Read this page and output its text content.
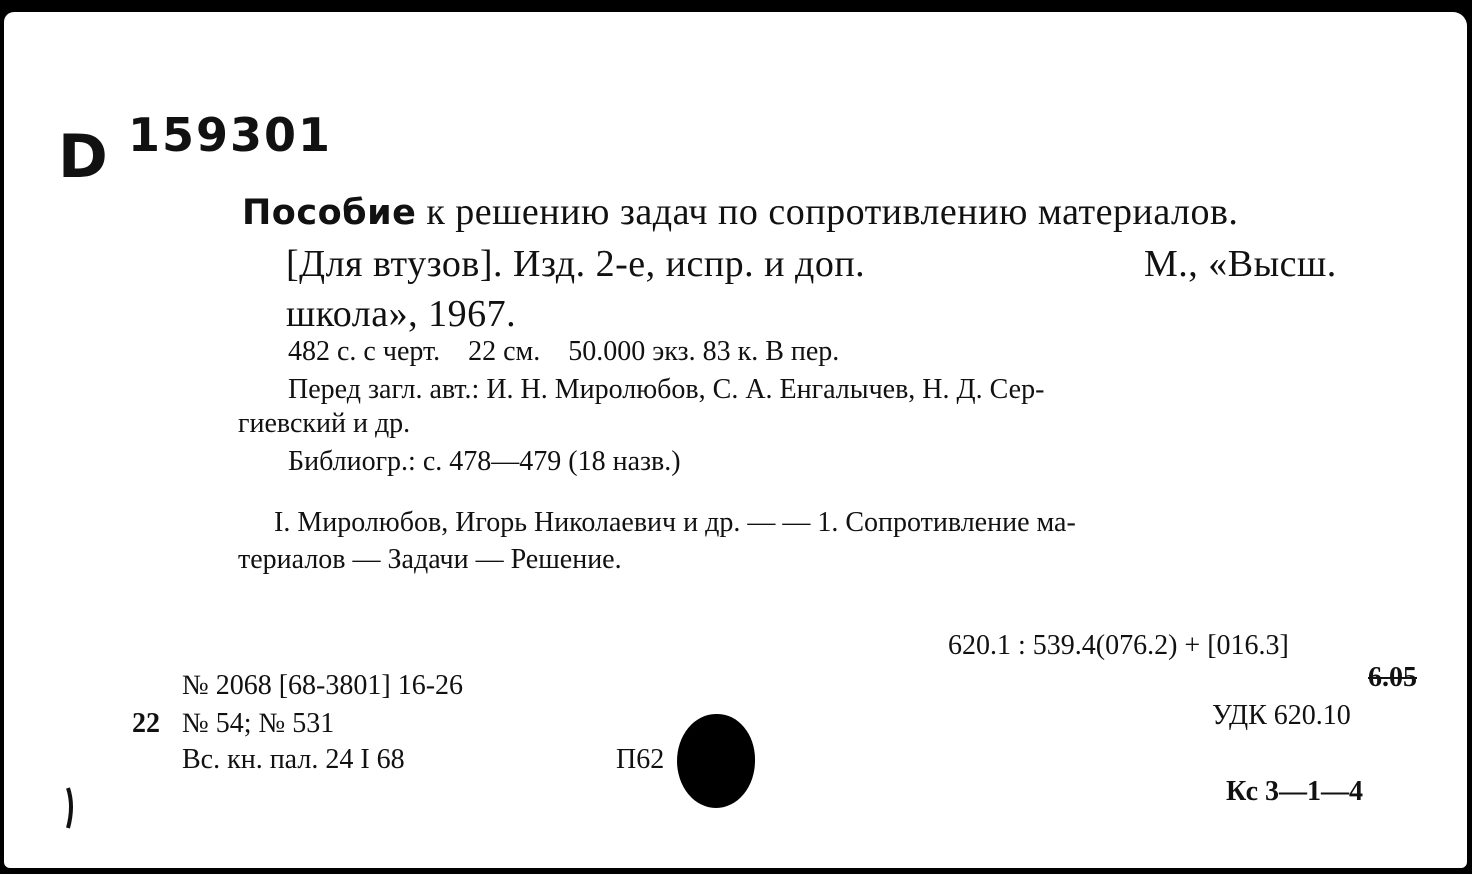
D 159301
Пособие к решению задач по сопротивлению материалов.
[Для втузов]. Изд. 2-е, испр. и доп.	М., «Высш.
школа», 1967.
482 с. с черт.    22 см.    50.000 экз. 83 к. В пер.
Перед загл. авт.: И. Н. Миролюбов, С. А. Енгалычев, Н. Д. Сер-
гиевский и др.
Библиогр.: с. 478—479 (18 назв.)
I. Миролюбов, Игорь Николаевич и др. — — 1. Сопротивление ма-
териалов — Задачи — Решение.
620.1 : 539.4(076.2) + [016.3]
6.05
УДК 620.10
Кс 3—1—4
№ 2068 [68-3801] 16-26
22 № 54; № 531
Вс. кн. пал. 24 I 68	П62
